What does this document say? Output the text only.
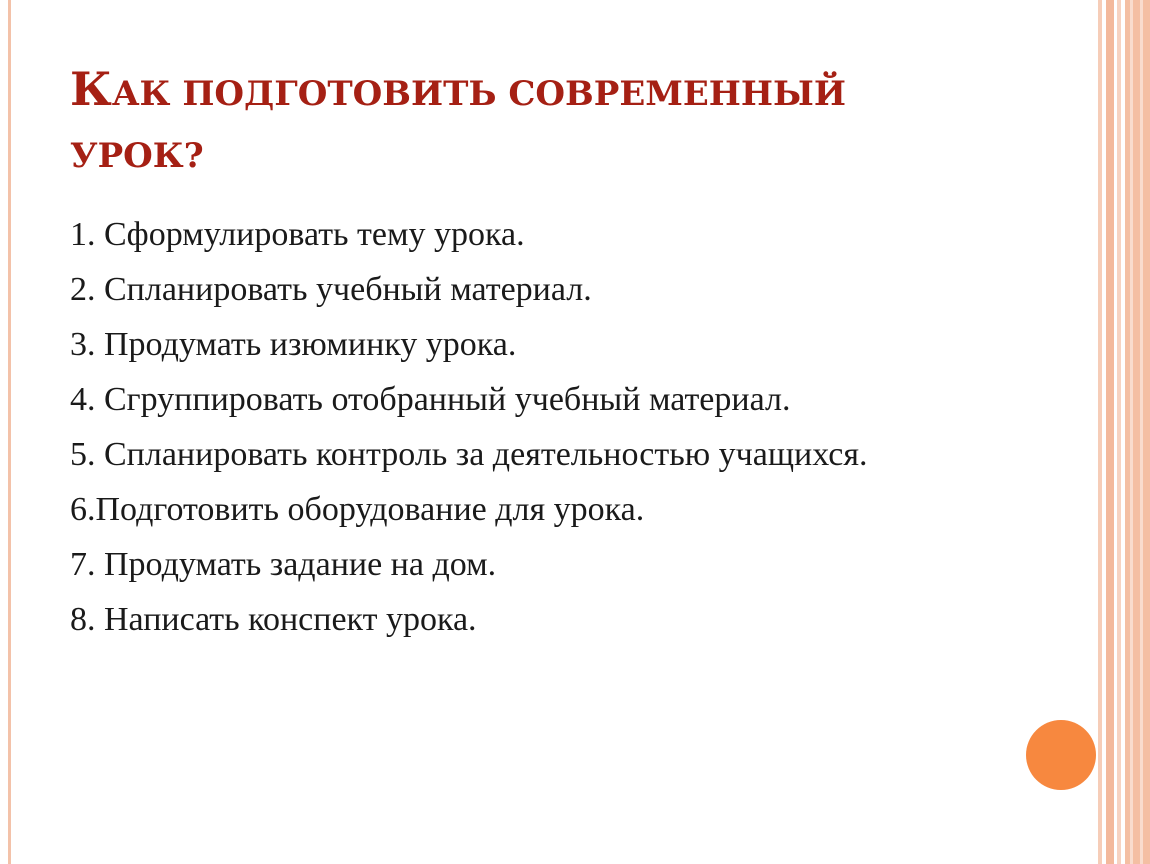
КАК ПОДГОТОВИТЬ СОВРЕМЕННЫЙ
УРОК?
1. Сформулировать тему урока.
2. Спланировать учебный материал.
3. Продумать изюминку урока.
4. Сгруппировать отобранный учебный материал.
5. Спланировать контроль за деятельностью учащихся.
6.Подготовить оборудование для урока.
7. Продумать задание на дом.
8. Написать конспект урока.
